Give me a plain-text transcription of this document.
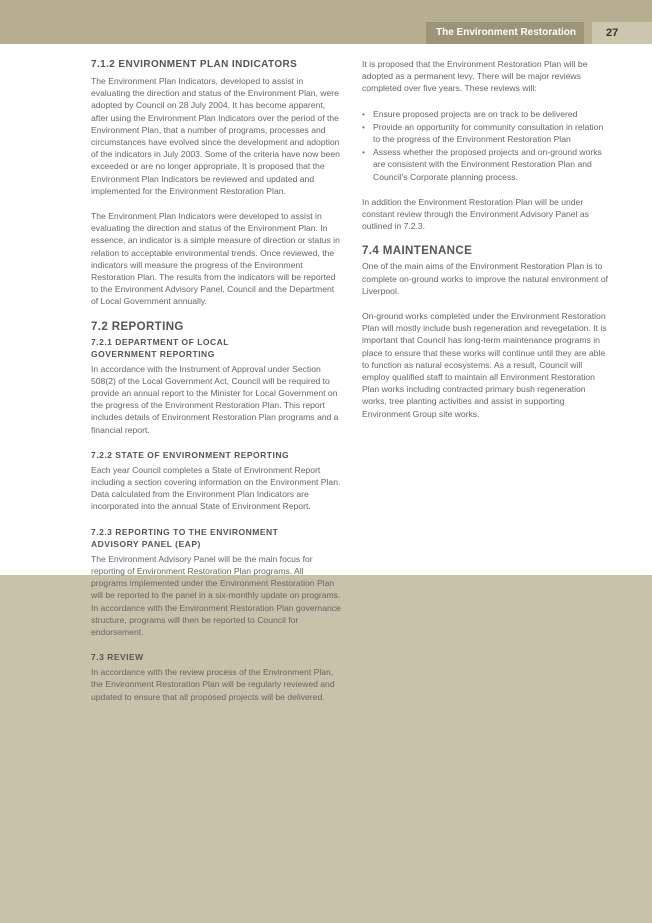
The Environment Restoration Plan
27
7.1.2 ENVIRONMENT PLAN INDICATORS

The Environment Plan Indicators, developed to assist in evaluating the direction and status of the Environment Plan, were adopted by Council on 28 July 2004. It has become apparent, after using the Environment Plan Indicators over the period of the Environment Plan, that a number of programs, processes and circumstances have evolved since the development and adoption of the indicators in July 2003. Some of the criteria have now been exceeded or are no longer appropriate. It is proposed that the Environment Plan Indicators be reviewed and updated and implemented for the Environment Restoration Plan.

The Environment Plan Indicators were developed to assist in evaluating the direction and status of the Environment Plan. In essence, an indicator is a simple measure of direction or status in relation to acceptable environmental trends. Once reviewed, the indicators will measure the progress of the Environment Restoration Plan. The results from the indicators will be reported to the Environment Advisory Panel, Council and the Department of Local Government annually.

7.2 REPORTING
7.2.1 DEPARTMENT OF LOCAL
GOVERNMENT REPORTING

In accordance with the Instrument of Approval under Section 508(2) of the Local Government Act, Council will be required to provide an annual report to the Minister for Local Government on the progress of the Environment Restoration Plan. This report includes details of Environment Restoration Plan programs and a financial report.

7.2.2 STATE OF ENVIRONMENT REPORTING

Each year Council completes a State of Environment Report including a section covering information on the Environment Plan. Data calculated from the Environment Plan Indicators are incorporated into the annual State of Environment Report.

7.2.3 REPORTING TO THE ENVIRONMENT
ADVISORY PANEL (EAP)

The Environment Advisory Panel will be the main focus for reporting of Environment Restoration Plan programs. All programs implemented under the Environment Restoration Plan will be reported to the panel in a six-monthly update on programs. In accordance with the Environment Restoration Plan governance structure, programs will then be reported to Council for endorsement.

7.3 REVIEW

In accordance with the review process of the Environment Plan, the Environment Restoration Plan will be regularly reviewed and updated to ensure that all proposed projects will be delivered.

It is proposed that the Environment Restoration Plan will be adopted as a permanent levy. There will be major reviews completed over five years. These reviews will:

• Ensure proposed projects are on track to be delivered
• Provide an opportunity for community consultation in relation to the progress of the Environment Restoration Plan
• Assess whether the proposed projects and on-ground works are consistent with the Environment Restoration Plan and Council's Corporate planning process.

In addition the Environment Restoration Plan will be under constant review through the Environment Advisory Panel as outlined in 7.2.3.

7.4 MAINTENANCE

One of the main aims of the Environment Restoration Plan is to complete on-ground works to improve the natural environment of Liverpool.

On-ground works completed under the Environment Restoration Plan will mostly include bush regeneration and revegetation. It is important that Council has long-term maintenance programs in place to ensure that these works will continue until they are able to function as natural ecosystems. As a result, Council will employ qualified staff to maintain all Environment Restoration Plan works including contracted primary bush regeneration works, tree planting activities and assist in supporting Environment Group site works.
